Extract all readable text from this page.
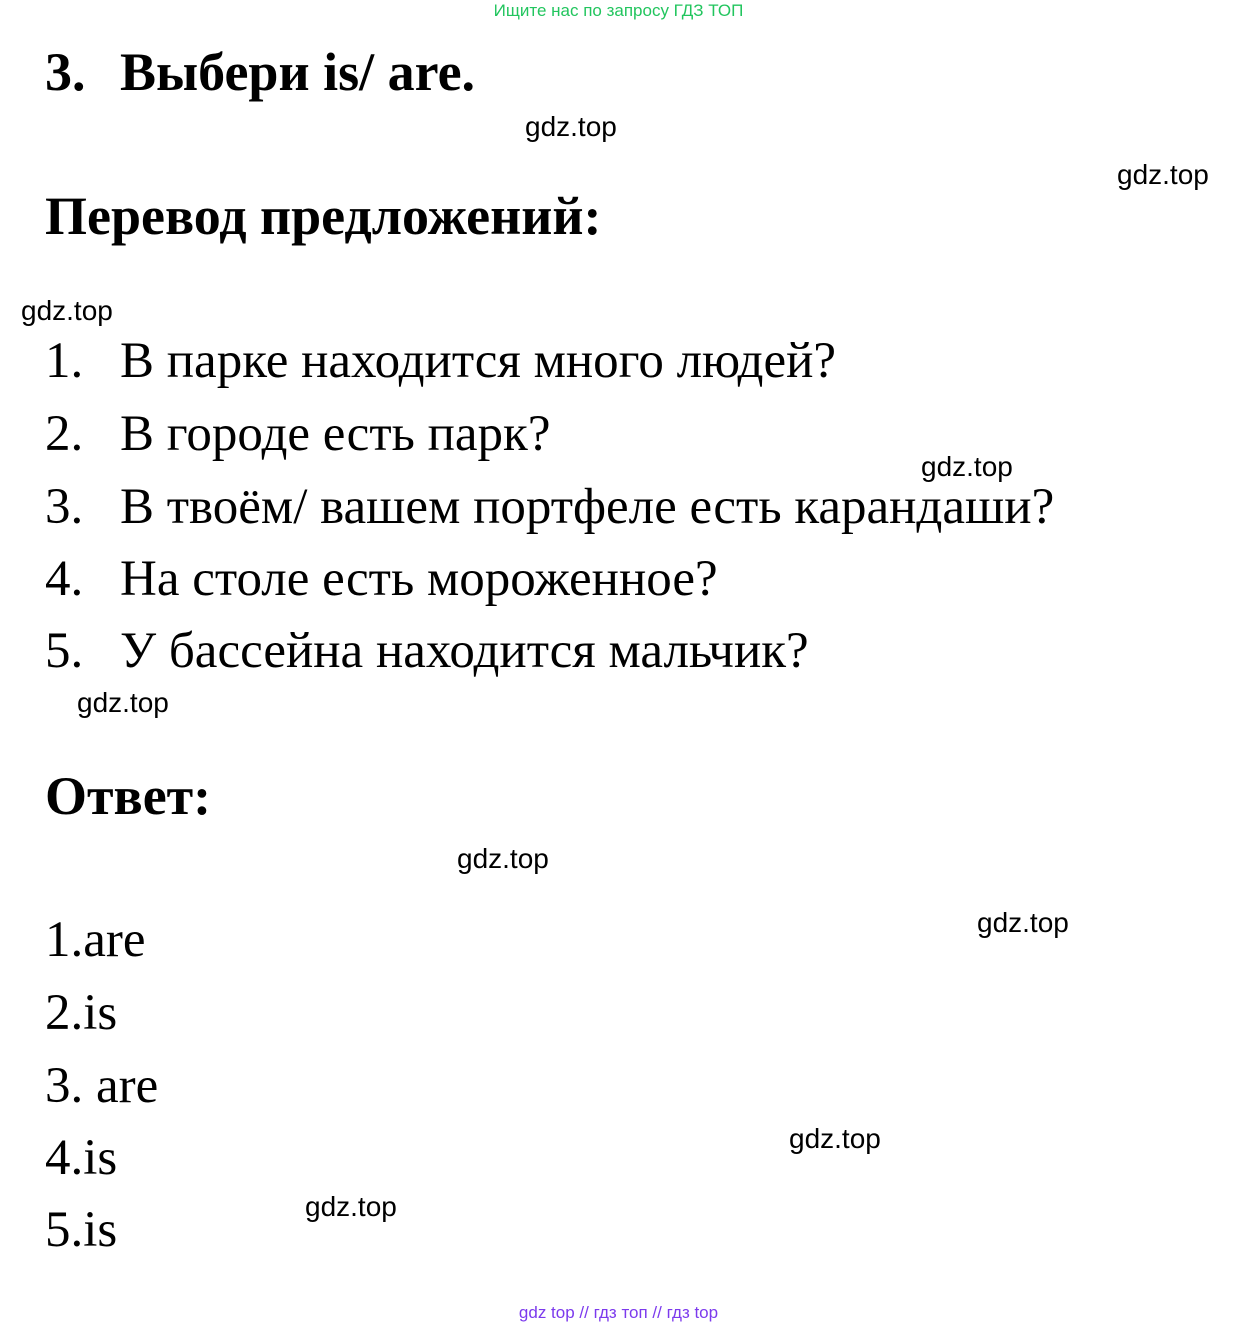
Ищите нас по запросу ГДЗ ТОП
3. Выбери is/ are.
Перевод предложений:
1. В парке находится много людей?
2. В городе есть парк?
3. В твоём/ вашем портфеле есть карандаши?
4. На столе есть мороженное?
5. У бассейна находится мальчик?
Ответ:
1.are
2.is
3. are
4.is
5.is
gdz.top
gdz.top
gdz.top
gdz.top
gdz.top
gdz.top
gdz.top
gdz.top
gdz.top
gdz top // гдз топ // гдз top
